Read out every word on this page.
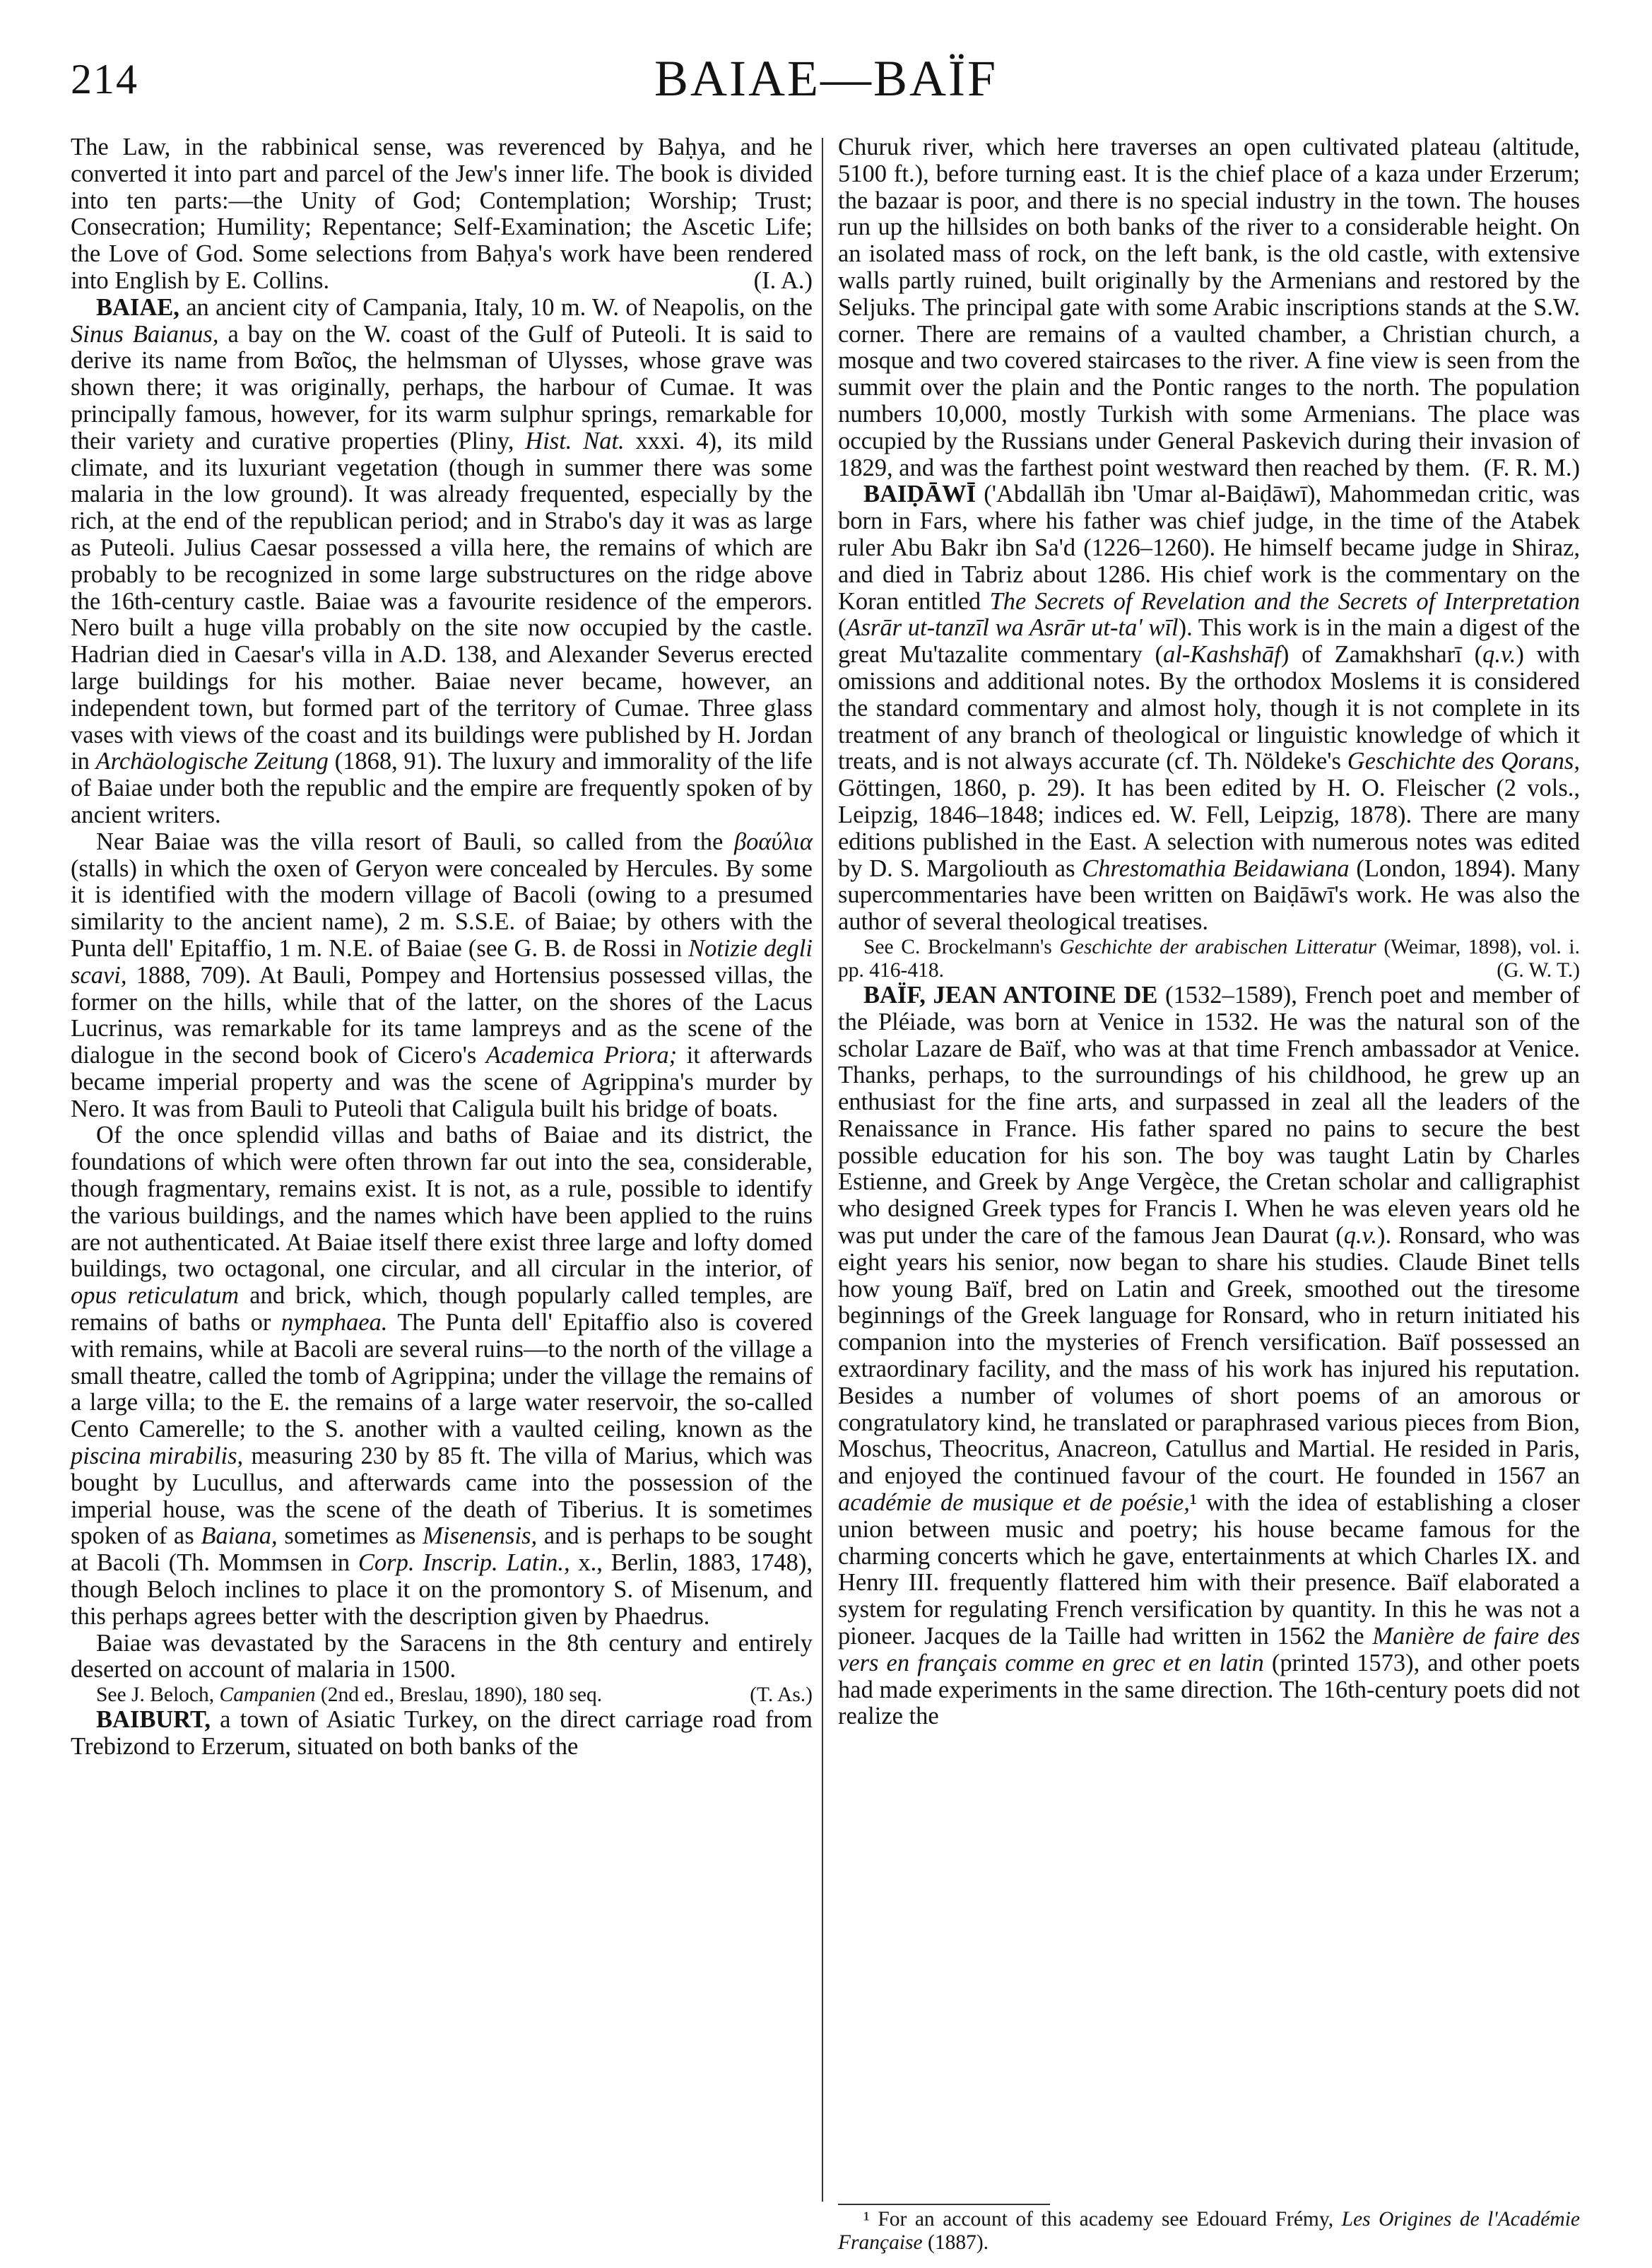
214	BAIAE—BAÏF

The Law, in the rabbinical sense, was reverenced by Baḥya, and he converted it into part and parcel of the Jew's inner life. The book is divided into ten parts:—the Unity of God; Contemplation; Worship; Trust; Consecration; Humility; Repentance; Self-Examination; the Ascetic Life; the Love of God. Some selections from Baḥya's work have been rendered into English by E. Collins.	(I. A.)

BAIAE, an ancient city of Campania, Italy, 10 m. W. of Neapolis, on the Sinus Baianus, a bay on the W. coast of the Gulf of Puteoli. It is said to derive its name from Βαῖος, the helmsman of Ulysses, whose grave was shown there; it was originally, perhaps, the harbour of Cumae. It was principally famous, however, for its warm sulphur springs, remarkable for their variety and curative properties (Pliny, Hist. Nat. xxxi. 4), its mild climate, and its luxuriant vegetation (though in summer there was some malaria in the low ground). It was already frequented, especially by the rich, at the end of the republican period; and in Strabo's day it was as large as Puteoli. Julius Caesar possessed a villa here, the remains of which are probably to be recognized in some large substructures on the ridge above the 16th-century castle. Baiae was a favourite residence of the emperors. Nero built a huge villa probably on the site now occupied by the castle. Hadrian died in Caesar's villa in A.D. 138, and Alexander Severus erected large buildings for his mother. Baiae never became, however, an independent town, but formed part of the territory of Cumae. Three glass vases with views of the coast and its buildings were published by H. Jordan in Archäologische Zeitung (1868, 91). The luxury and immorality of the life of Baiae under both the republic and the empire are frequently spoken of by ancient writers.

Near Baiae was the villa resort of Bauli, so called from the βοαύλια (stalls) in which the oxen of Geryon were concealed by Hercules. By some it is identified with the modern village of Bacoli (owing to a presumed similarity to the ancient name), 2 m. S.S.E. of Baiae; by others with the Punta dell' Epitaffio, 1 m. N.E. of Baiae (see G. B. de Rossi in Notizie degli scavi, 1888, 709). At Bauli, Pompey and Hortensius possessed villas, the former on the hills, while that of the latter, on the shores of the Lacus Lucrinus, was remarkable for its tame lampreys and as the scene of the dialogue in the second book of Cicero's Academica Priora; it afterwards became imperial property and was the scene of Agrippina's murder by Nero. It was from Bauli to Puteoli that Caligula built his bridge of boats.

Of the once splendid villas and baths of Baiae and its district, the foundations of which were often thrown far out into the sea, considerable, though fragmentary, remains exist. It is not, as a rule, possible to identify the various buildings, and the names which have been applied to the ruins are not authenticated. At Baiae itself there exist three large and lofty domed buildings, two octagonal, one circular, and all circular in the interior, of opus reticulatum and brick, which, though popularly called temples, are remains of baths or nymphaea. The Punta dell' Epitaffio also is covered with remains, while at Bacoli are several ruins—to the north of the village a small theatre, called the tomb of Agrippina; under the village the remains of a large villa; to the E. the remains of a large water reservoir, the so-called Cento Camerelle; to the S. another with a vaulted ceiling, known as the piscina mirabilis, measuring 230 by 85 ft. The villa of Marius, which was bought by Lucullus, and afterwards came into the possession of the imperial house, was the scene of the death of Tiberius. It is sometimes spoken of as Baiana, sometimes as Misenensis, and is perhaps to be sought at Bacoli (Th. Mommsen in Corp. Inscrip. Latin., x., Berlin, 1883, 1748), though Beloch inclines to place it on the promontory S. of Misenum, and this perhaps agrees better with the description given by Phaedrus.

Baiae was devastated by the Saracens in the 8th century and entirely deserted on account of malaria in 1500.

See J. Beloch, Campanien (2nd ed., Breslau, 1890), 180 seq.	(T. As.)

BAIBURT, a town of Asiatic Turkey, on the direct carriage road from Trebizond to Erzerum, situated on both banks of the

Churuk river, which here traverses an open cultivated plateau (altitude, 5100 ft.), before turning east. It is the chief place of a kaza under Erzerum; the bazaar is poor, and there is no special industry in the town. The houses run up the hillsides on both banks of the river to a considerable height. On an isolated mass of rock, on the left bank, is the old castle, with extensive walls partly ruined, built originally by the Armenians and restored by the Seljuks. The principal gate with some Arabic inscriptions stands at the S.W. corner. There are remains of a vaulted chamber, a Christian church, a mosque and two covered staircases to the river. A fine view is seen from the summit over the plain and the Pontic ranges to the north. The population numbers 10,000, mostly Turkish with some Armenians. The place was occupied by the Russians under General Paskevich during their invasion of 1829, and was the farthest point westward then reached by them. (F. R. M.)

BAIḌĀWĪ ('Abdallāh ibn 'Umar al-Baiḍāwī), Mahommedan critic, was born in Fars, where his father was chief judge, in the time of the Atabek ruler Abu Bakr ibn Sa'd (1226–1260). He himself became judge in Shiraz, and died in Tabriz about 1286. His chief work is the commentary on the Koran entitled The Secrets of Revelation and the Secrets of Interpretation (Asrār ut-tanzīl wa Asrār ut-ta' wīl). This work is in the main a digest of the great Mu'tazalite commentary (al-Kashshāf) of Zamakhsharī (q.v.) with omissions and additional notes. By the orthodox Moslems it is considered the standard commentary and almost holy, though it is not complete in its treatment of any branch of theological or linguistic knowledge of which it treats, and is not always accurate (cf. Th. Nöldeke's Geschichte des Qorans, Göttingen, 1860, p. 29). It has been edited by H. O. Fleischer (2 vols., Leipzig, 1846–1848; indices ed. W. Fell, Leipzig, 1878). There are many editions published in the East. A selection with numerous notes was edited by D. S. Margoliouth as Chrestomathia Beidawiana (London, 1894). Many supercommentaries have been written on Baiḍāwī's work. He was also the author of several theological treatises.

See C. Brockelmann's Geschichte der arabischen Litteratur (Weimar, 1898), vol. i. pp. 416-418.	(G. W. T.)

BAÏF, JEAN ANTOINE DE (1532–1589), French poet and member of the Pléiade, was born at Venice in 1532. He was the natural son of the scholar Lazare de Baïf, who was at that time French ambassador at Venice. Thanks, perhaps, to the surroundings of his childhood, he grew up an enthusiast for the fine arts, and surpassed in zeal all the leaders of the Renaissance in France. His father spared no pains to secure the best possible education for his son. The boy was taught Latin by Charles Estienne, and Greek by Ange Vergèce, the Cretan scholar and calligraphist who designed Greek types for Francis I. When he was eleven years old he was put under the care of the famous Jean Daurat (q.v.). Ronsard, who was eight years his senior, now began to share his studies. Claude Binet tells how young Baïf, bred on Latin and Greek, smoothed out the tiresome beginnings of the Greek language for Ronsard, who in return initiated his companion into the mysteries of French versification. Baïf possessed an extraordinary facility, and the mass of his work has injured his reputation. Besides a number of volumes of short poems of an amorous or congratulatory kind, he translated or paraphrased various pieces from Bion, Moschus, Theocritus, Anacreon, Catullus and Martial. He resided in Paris, and enjoyed the continued favour of the court. He founded in 1567 an académie de musique et de poésie,¹ with the idea of establishing a closer union between music and poetry; his house became famous for the charming concerts which he gave, entertainments at which Charles IX. and Henry III. frequently flattered him with their presence. Baïf elaborated a system for regulating French versification by quantity. In this he was not a pioneer. Jacques de la Taille had written in 1562 the Manière de faire des vers en français comme en grec et en latin (printed 1573), and other poets had made experiments in the same direction. The 16th-century poets did not realize the

¹ For an account of this academy see Edouard Frémy, Les Origines de l'Académie Française (1887).
